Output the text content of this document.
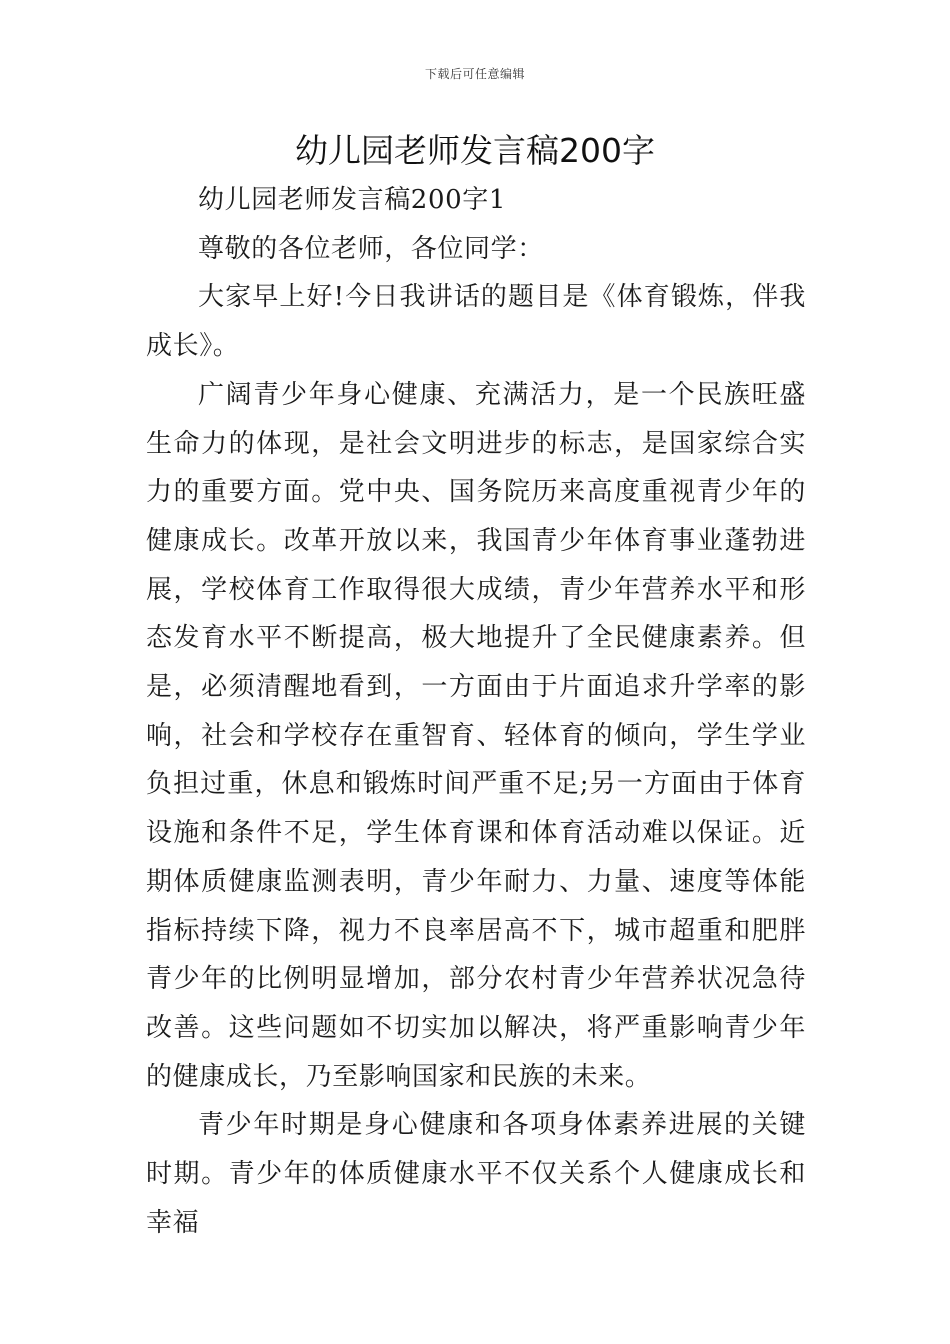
下载后可任意编辑
幼儿园老师发言稿200字

幼儿园老师发言稿200字1

尊敬的各位老师，各位同学：

大家早上好!今日我讲话的题目是《体育锻炼，伴我成长》。

广阔青少年身心健康、充满活力，是一个民族旺盛生命力的体现，是社会文明进步的标志，是国家综合实力的重要方面。党中央、国务院历来高度重视青少年的健康成长。改革开放以来，我国青少年体育事业蓬勃进展，学校体育工作取得很大成绩，青少年营养水平和形态发育水平不断提高，极大地提升了全民健康素养。但是，必须清醒地看到，一方面由于片面追求升学率的影响，社会和学校存在重智育、轻体育的倾向，学生学业负担过重，休息和锻炼时间严重不足;另一方面由于体育设施和条件不足，学生体育课和体育活动难以保证。近期体质健康监测表明，青少年耐力、力量、速度等体能指标持续下降，视力不良率居高不下，城市超重和肥胖青少年的比例明显增加，部分农村青少年营养状况急待改善。这些问题如不切实加以解决，将严重影响青少年的健康成长，乃至影响国家和民族的未来。

青少年时期是身心健康和各项身体素养进展的关键时期。青少年的体质健康水平不仅关系个人健康成长和幸福
